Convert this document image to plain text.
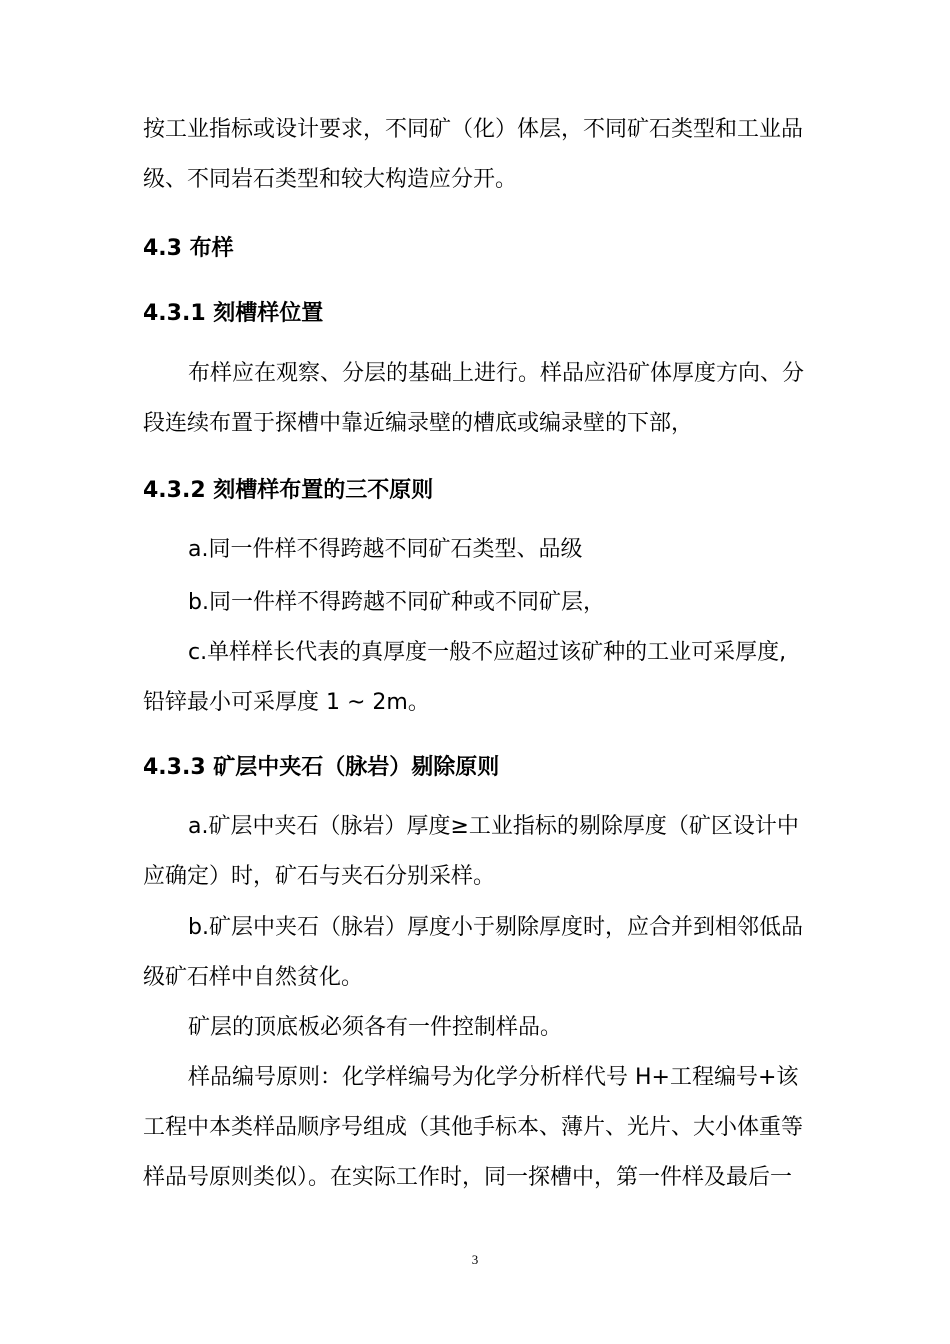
按工业指标或设计要求，不同矿（化）体层，不同矿石类型和工业品
级、不同岩石类型和较大构造应分开。
4.3 布样
4.3.1 刻槽样位置
布样应在观察、分层的基础上进行。样品应沿矿体厚度方向、分
段连续布置于探槽中靠近编录壁的槽底或编录壁的下部，
4.3.2 刻槽样布置的三不原则
a.同一件样不得跨越不同矿石类型、品级
b.同一件样不得跨越不同矿种或不同矿层，
c.单样样长代表的真厚度一般不应超过该矿种的工业可采厚度,
铅锌最小可采厚度 1 ~ 2m。
4.3.3 矿层中夹石（脉岩）剔除原则
a.矿层中夹石（脉岩）厚度≥工业指标的剔除厚度（矿区设计中
应确定）时，矿石与夹石分别采样。
b.矿层中夹石（脉岩）厚度小于剔除厚度时，应合并到相邻低品
级矿石样中自然贫化。
矿层的顶底板必须各有一件控制样品。
样品编号原则：化学样编号为化学分析样代号 H+工程编号+该
工程中本类样品顺序号组成（其他手标本、薄片、光片、大小体重等
样品号原则类似）。在实际工作时，同一探槽中，第一件样及最后一
3
